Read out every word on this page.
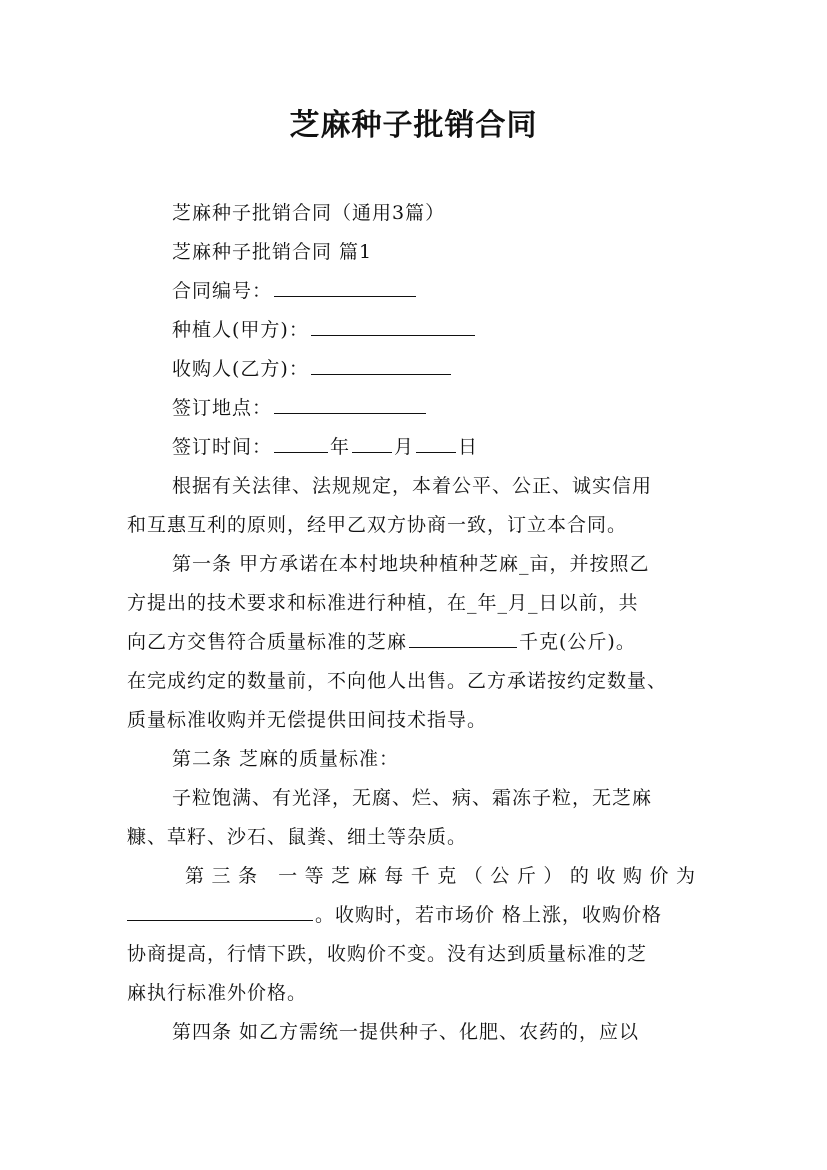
芝麻种子批销合同
芝麻种子批销合同（通用3篇）
芝麻种子批销合同 篇1
合同编号：
种植人(甲方)：
收购人(乙方)：
签订地点：
签订时间：	年 月 日
根据有关法律、法规规定，本着公平、公正、诚实信用
和互惠互利的原则，经甲乙双方协商一致，订立本合同。
第一条 甲方承诺在本村地块种植种芝麻_亩，并按照乙
方提出的技术要求和标准进行种植，在_年_月_日以前，共
向乙方交售符合质量标准的芝麻	千克(公斤)。
在完成约定的数量前，不向他人出售。乙方承诺按约定数量、
质量标准收购并无偿提供田间技术指导。
第二条 芝麻的质量标准：
子粒饱满、有光泽，无腐、烂、病、霜冻子粒，无芝麻
糠、草籽、沙石、鼠粪、细土等杂质。
第三条 一等芝麻每千克（公斤）的收购价为
。收购时，若市场价 格上涨，收购价格
协商提高，行情下跌，收购价不变。没有达到质量标准的芝
麻执行标准外价格。
第四条 如乙方需统一提供种子、化肥、农药的，应以
